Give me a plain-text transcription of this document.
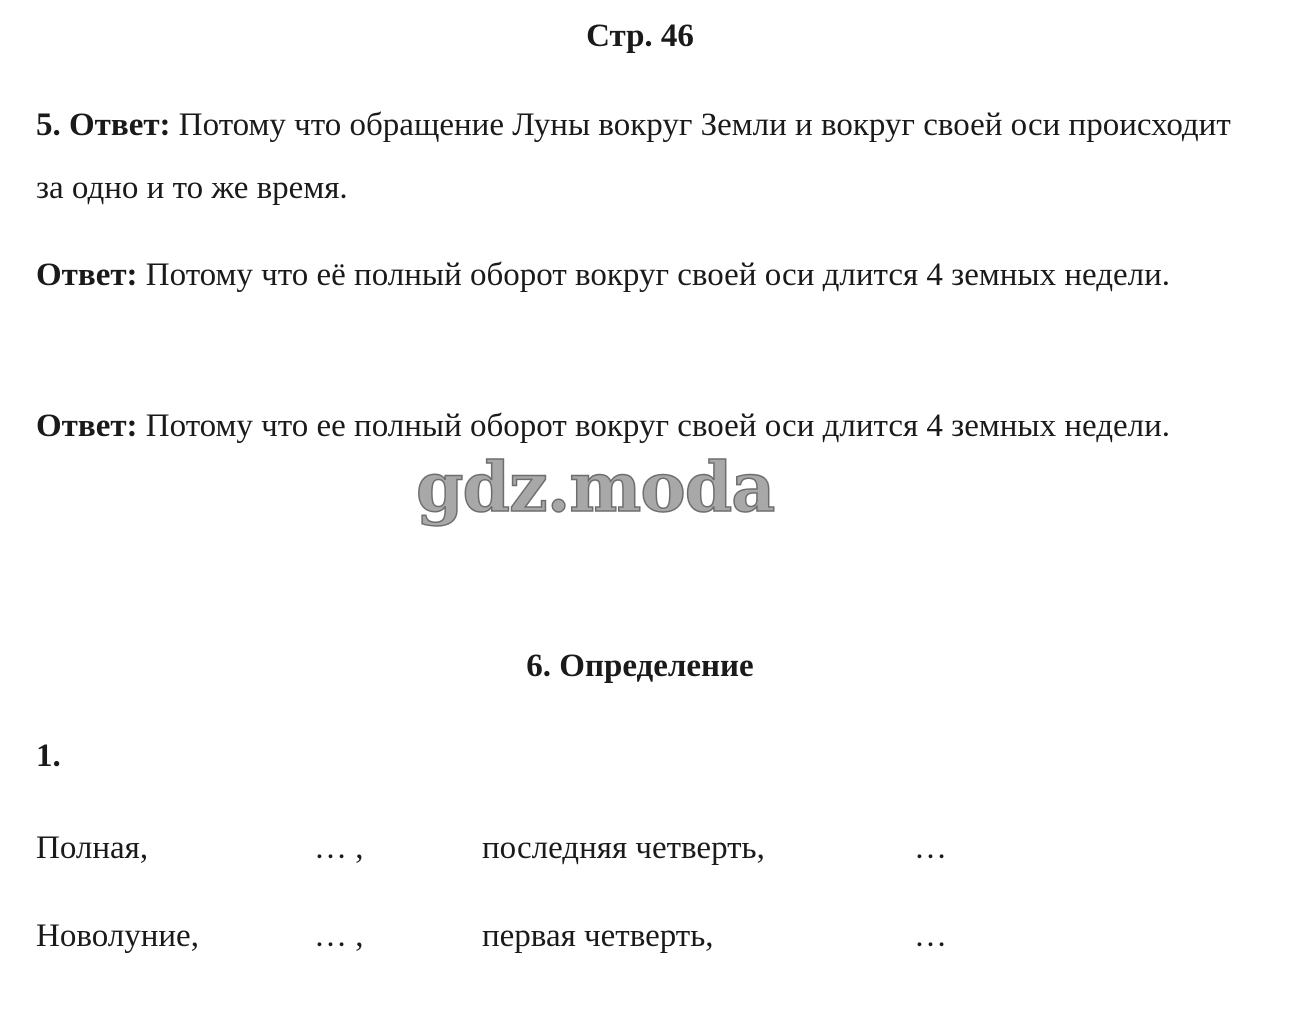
Стр. 46
5. Ответ: Потому что обращение Луны вокруг Земли и вокруг своей оси происходит за одно и то же время.
Ответ: Потому что её полный оборот вокруг своей оси длится 4 земных недели.
Ответ: Потому что ее полный оборот вокруг своей оси длится 4 земных недели.
gdz.moda
6. Определение
1.
Полная,	… ,	последняя четверть,	…
Новолуние,	… ,	первая четверть,	…
